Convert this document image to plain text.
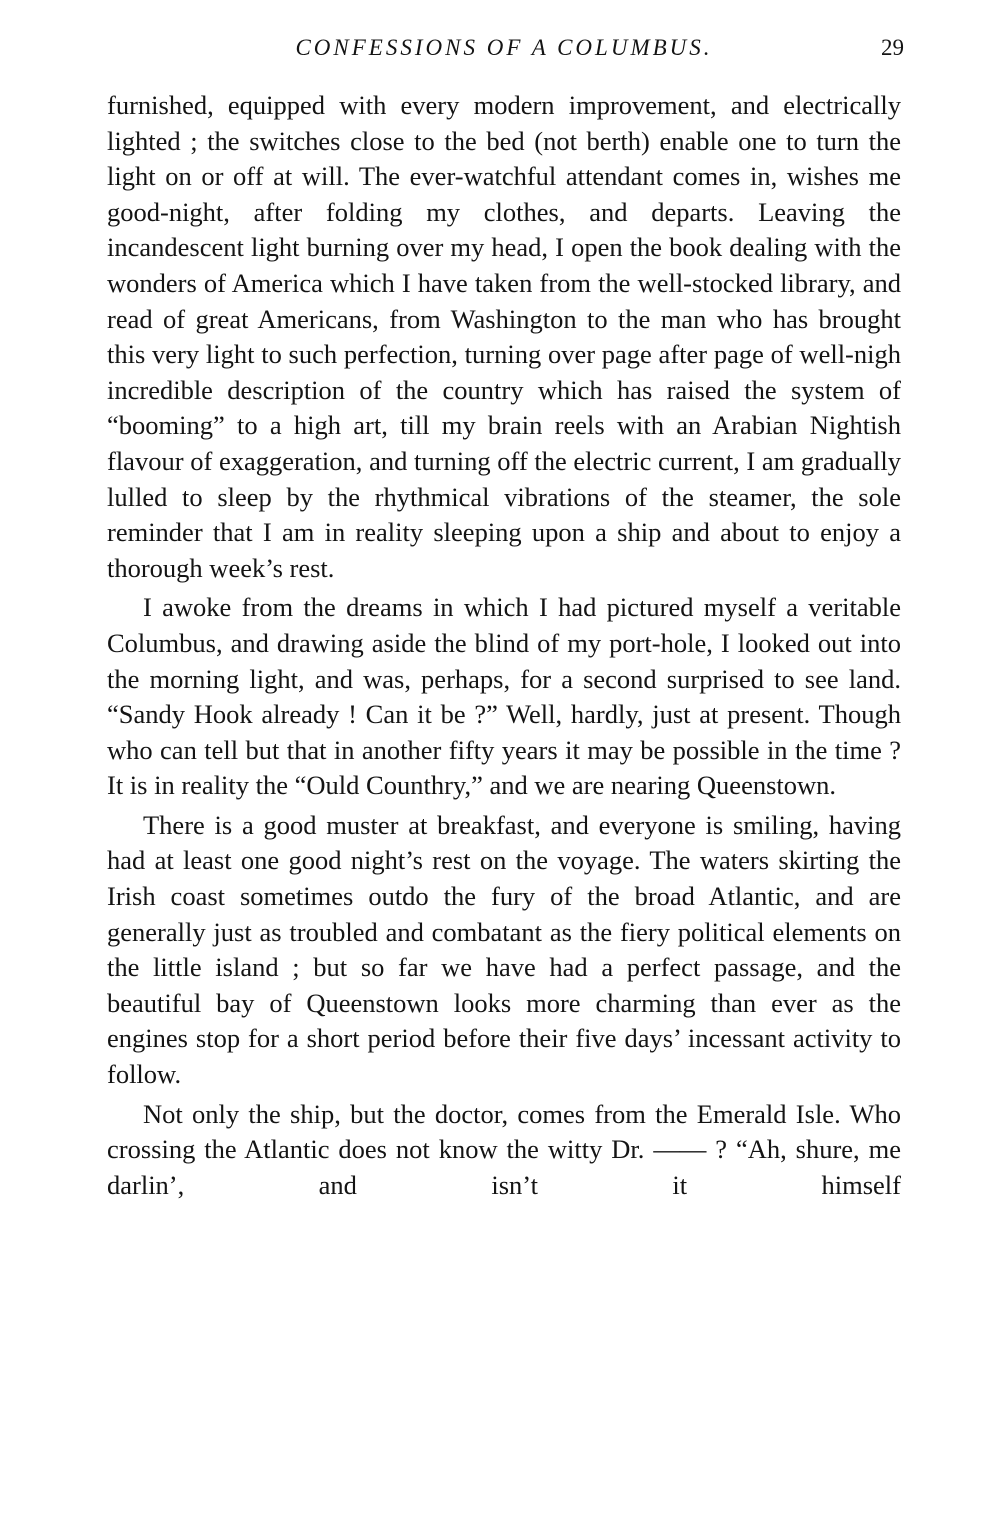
CONFESSIONS OF A COLUMBUS.	29

furnished, equipped with every modern improvement, and electrically lighted ; the switches close to the bed (not berth) enable one to turn the light on or off at will. The ever-watchful attendant comes in, wishes me good-night, after folding my clothes, and departs. Leaving the incandescent light burning over my head, I open the book dealing with the wonders of America which I have taken from the well-stocked library, and read of great Americans, from Washington to the man who has brought this very light to such perfection, turning over page after page of well-nigh incredible description of the country which has raised the system of “booming” to a high art, till my brain reels with an Arabian Nightish flavour of exaggeration, and turning off the electric current, I am gradually lulled to sleep by the rhythmical vibrations of the steamer, the sole reminder that I am in reality sleeping upon a ship and about to enjoy a thorough week’s rest.

I awoke from the dreams in which I had pictured myself a veritable Columbus, and drawing aside the blind of my port-hole, I looked out into the morning light, and was, perhaps, for a second surprised to see land. “Sandy Hook already ! Can it be ?” Well, hardly, just at present. Though who can tell but that in another fifty years it may be possible in the time ? It is in reality the “Ould Counthry,” and we are nearing Queenstown.

There is a good muster at breakfast, and everyone is smiling, having had at least one good night’s rest on the voyage. The waters skirting the Irish coast sometimes outdo the fury of the broad Atlantic, and are generally just as troubled and combatant as the fiery political elements on the little island ; but so far we have had a perfect passage, and the beautiful bay of Queenstown looks more charming than ever as the engines stop for a short period before their five days’ incessant activity to follow.

Not only the ship, but the doctor, comes from the Emerald Isle. Who crossing the Atlantic does not know the witty Dr. —— ? “Ah, shure, me darlin’, and isn’t it himself
